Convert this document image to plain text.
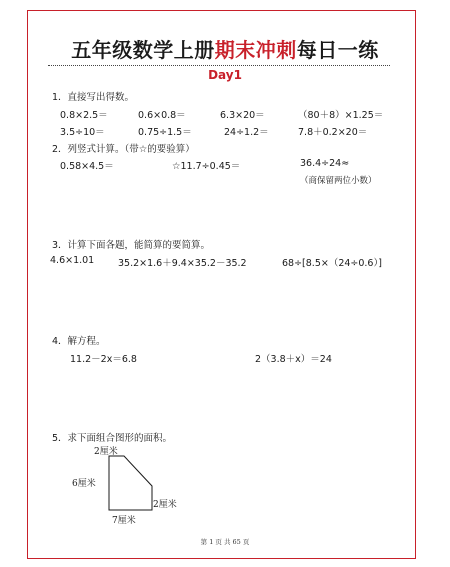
五年级数学上册期末冲刺每日一练
Day1
1．直接写出得数。
0.8×2.5＝	0.6×0.8＝	6.3×20＝	（80＋8）×1.25＝
3.5÷10＝	0.75÷1.5＝	24÷1.2＝	7.8＋0.2×20＝
2．列竖式计算。（带☆的要验算）
0.58×4.5＝	☆11.7÷0.45＝	36.4÷24≈
（商保留两位小数）
3．计算下面各题，能简算的要简算。
4.6×1.01	35.2×1.6＋9.4×35.2－35.2	68÷[8.5×（24÷0.6）]
4．解方程。
11.2－2x＝6.8	2（3.8＋x）＝24
5．求下面组合图形的面积。
2厘米
6厘米
2厘米
7厘米
第 1 页 共 65 页
